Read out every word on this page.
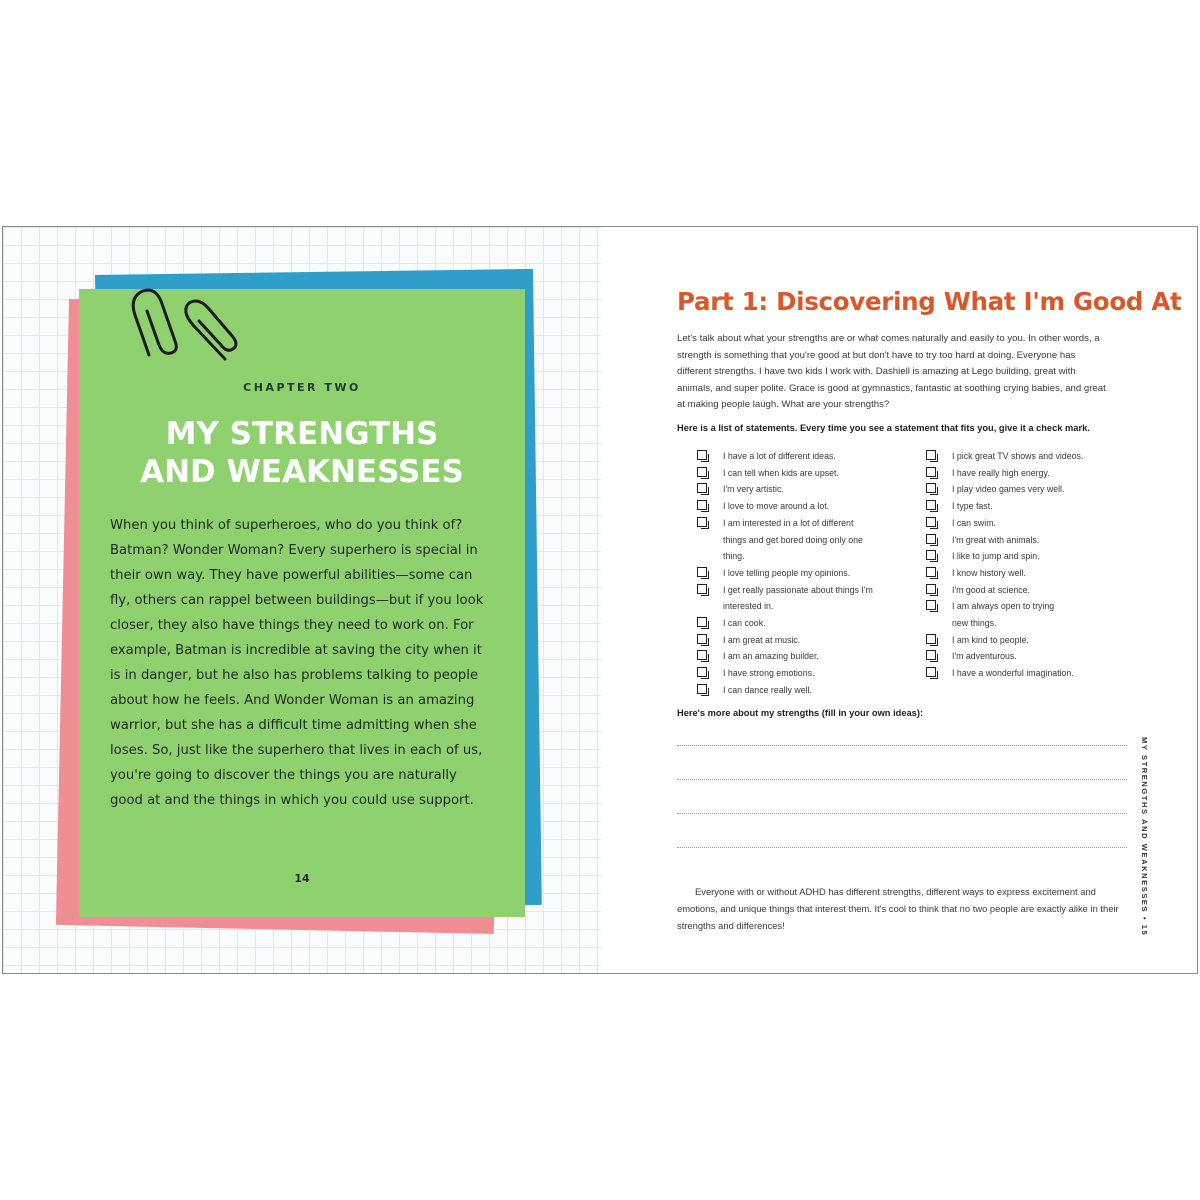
CHAPTER TWO
MY STRENGTHS
AND WEAKNESSES
When you think of superheroes, who do you think of? Batman? Wonder Woman? Every superhero is special in their own way. They have powerful abilities—some can fly, others can rappel between buildings—but if you look closer, they also have things they need to work on. For example, Batman is incredible at saving the city when it is in danger, but he also has problems talking to people about how he feels. And Wonder Woman is an amazing warrior, but she has a difficult time admitting when she loses. So, just like the superhero that lives in each of us, you're going to discover the things you are naturally good at and the things in which you could use support.
14
Part 1: Discovering What I'm Good At
Let's talk about what your strengths are or what comes naturally and easily to you. In other words, a strength is something that you're good at but don't have to try too hard at doing. Everyone has different strengths. I have two kids I work with. Dashiell is amazing at Lego building, great with animals, and super polite. Grace is good at gymnastics, fantastic at soothing crying babies, and great at making people laugh. What are your strengths?
Here is a list of statements. Every time you see a statement that fits you, give it a check mark.
I have a lot of different ideas.
I can tell when kids are upset.
I'm very artistic.
I love to move around a lot.
I am interested in a lot of different things and get bored doing only one thing.
I love telling people my opinions.
I get really passionate about things I'm interested in.
I can cook.
I am great at music.
I am an amazing builder.
I have strong emotions.
I can dance really well.
I pick great TV shows and videos.
I have really high energy.
I play video games very well.
I type fast.
I can swim.
I'm great with animals.
I like to jump and spin.
I know history well.
I'm good at science.
I am always open to trying new things.
I am kind to people.
I'm adventurous.
I have a wonderful imagination.
Here's more about my strengths (fill in your own ideas):
Everyone with or without ADHD has different strengths, different ways to express excitement and emotions, and unique things that interest them. It's cool to think that no two people are exactly alike in their strengths and differences!	MY STRENGTHS AND WEAKNESSES • 15
